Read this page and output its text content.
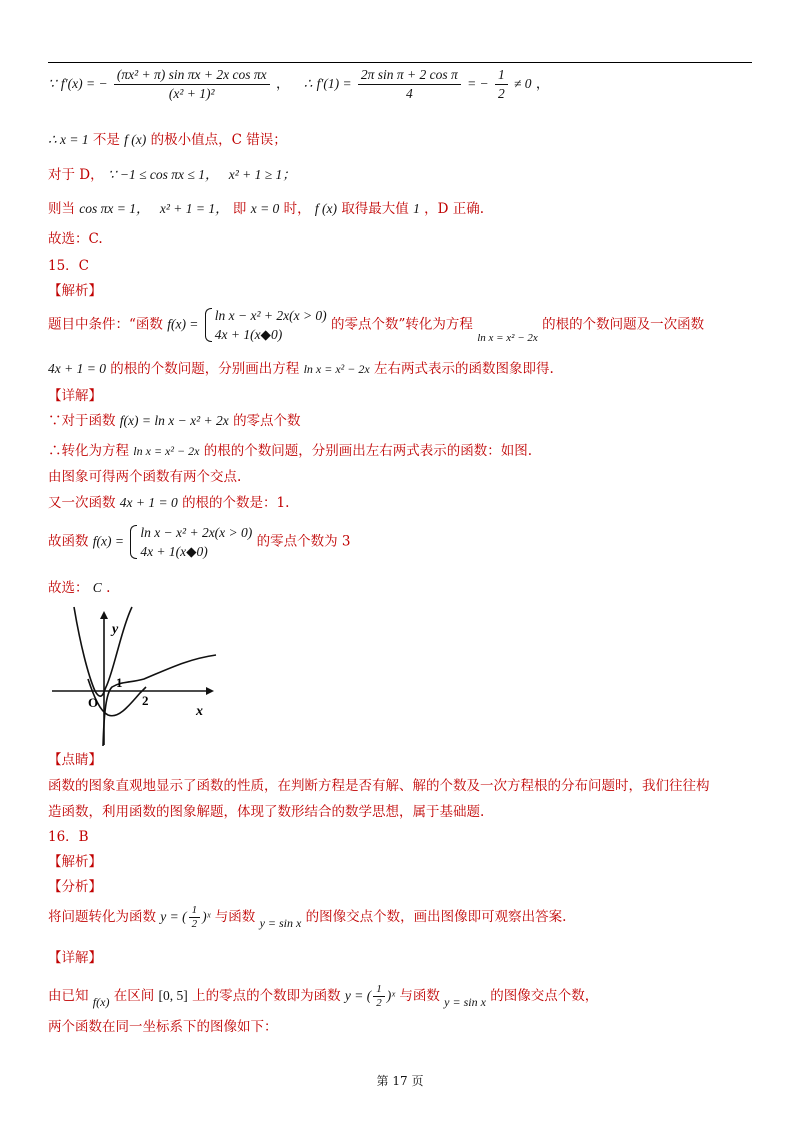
∵ f′(x) = − $\frac{\text{(πx² + π) sin πx + 2x cos πx}}{\text{(x² + 1)²}}$ ， ∴ $f'(1) = \frac{\text{2π sin π + 2 cos π}}{4}$ = − $\frac{1}{2} \ne 0$ ，
∴ x = 1 不是 f (x) 的极小值点，C 错误；
对于 D， ∵ −1 ≤ cos πx ≤ 1， x² + 1 ≥ 1；
则当 cos πx = 1， x² + 1 = 1， 即 x = 0 时， f (x) 取得最大值 1 ，D 正确.
故选：C.
15．C
【解析】
题目中条件：“函数 f(x) =
ln x − x² + 2x(x > 0)
4x + 1(x◆0)
的零点个数”转化为方程 $_{ln x = x^2 - 2x}$ 的根的个数问题及一次函数
4x + 1 = 0 的根的个数问题，分别画出方程 ln x = x² − 2x 左右两式表示的函数图象即得.
【详解】
∵对于函数 f(x) = ln x − x² + 2x 的零点个数
∴转化为方程 ln x = x² − 2x 的根的个数问题，分别画出左右两式表示的函数：如图.
由图象可得两个函数有两个交点.
又一次函数 4x + 1 = 0 的根的个数是：1.
故函数 f(x) =
ln x − x² + 2x(x > 0)
4x + 1(x◆0)
的零点个数为 3
故选： C .
y
x
O
1
2
【点睛】
函数的图象直观地显示了函数的性质，在判断方程是否有解、解的个数及一次方程根的分布问题时，我们往往构
造函数，利用函数的图象解题，体现了数形结合的数学思想，属于基础题.
16．B
【解析】
【分析】
将问题转化为函数 y = ( $\frac{1}{2}$ )ˣ 与函数 y = sin x 的图像交点个数，画出图像即可观察出答案.
【详解】
由已知 f(x) 在区间 [0, 5] 上的零点的个数即为函数 y = ( $\frac{1}{2}$ )ˣ 与函数 y = sin x 的图像交点个数，
两个函数在同一坐标系下的图像如下：
第 17 页
